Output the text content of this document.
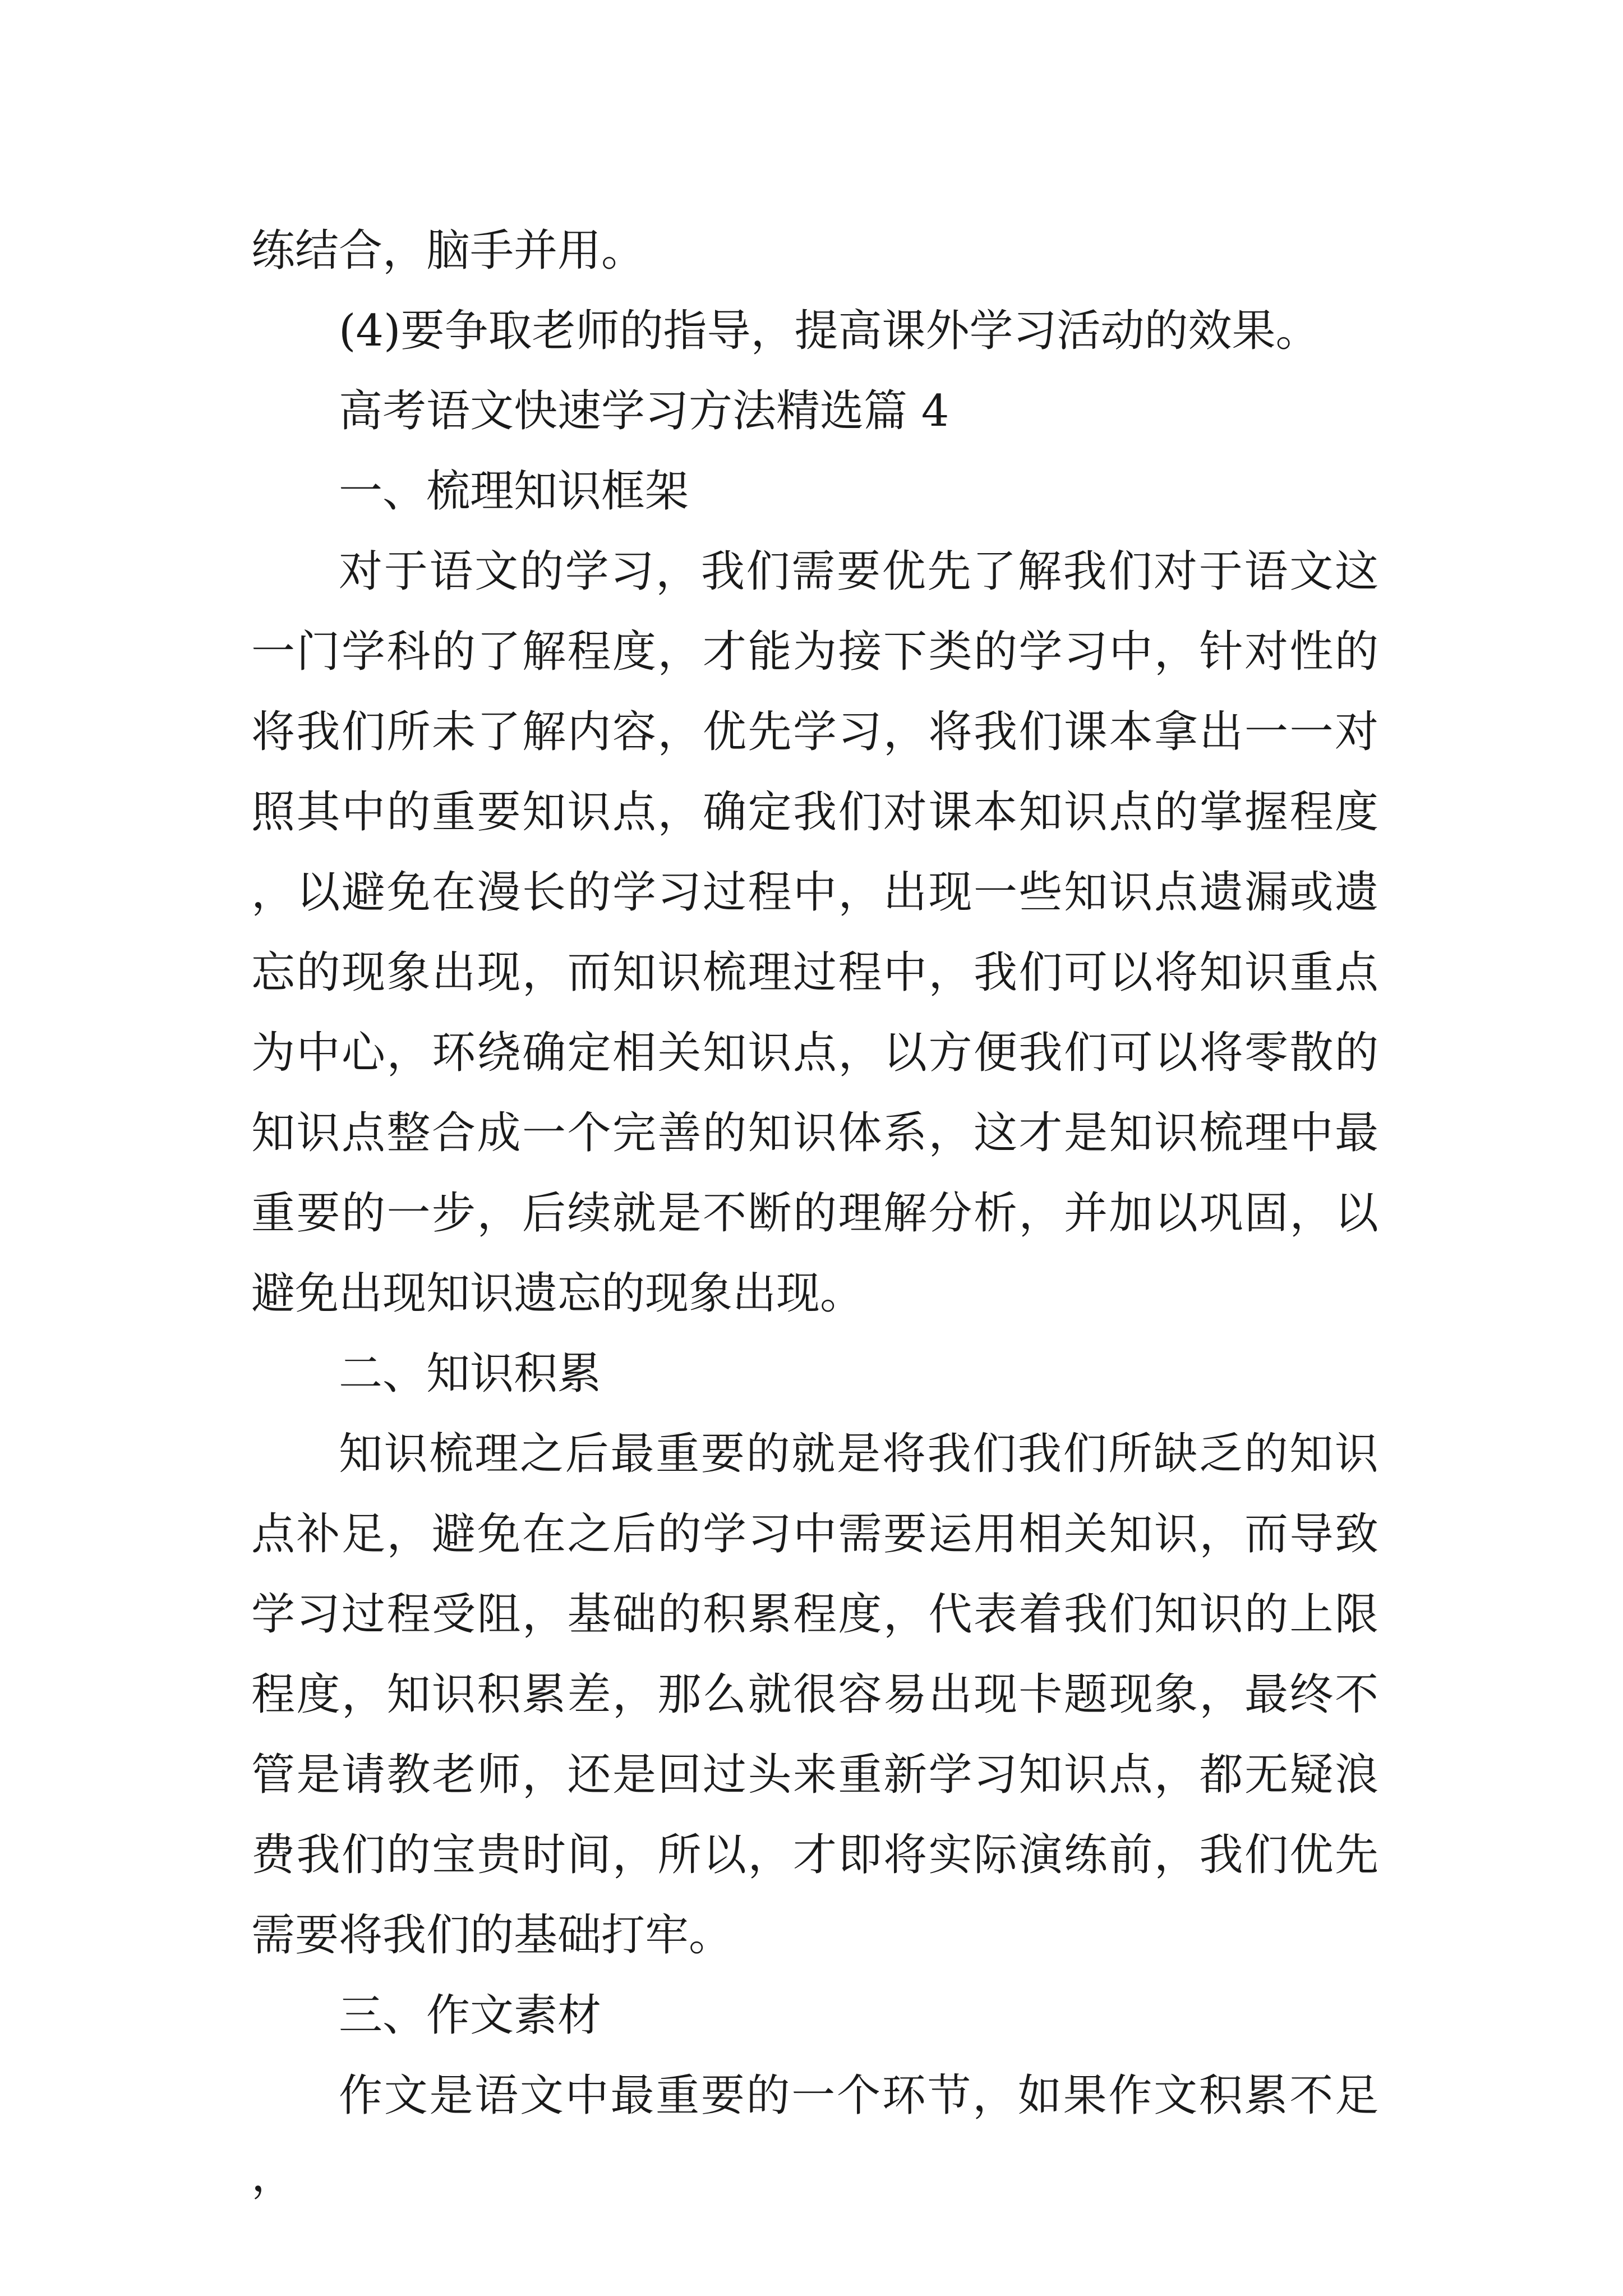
练结合，脑手并用。

(4)要争取老师的指导，提高课外学习活动的效果。

高考语文快速学习方法精选篇 4

一、梳理知识框架

对于语文的学习，我们需要优先了解我们对于语文这一门学科的了解程度，才能为接下类的学习中，针对性的将我们所未了解内容，优先学习，将我们课本拿出一一对照其中的重要知识点，确定我们对课本知识点的掌握程度，以避免在漫长的学习过程中，出现一些知识点遗漏或遗忘的现象出现，而知识梳理过程中，我们可以将知识重点为中心，环绕确定相关知识点，以方便我们可以将零散的知识点整合成一个完善的知识体系，这才是知识梳理中最重要的一步，后续就是不断的理解分析，并加以巩固，以避免出现知识遗忘的现象出现。

二、知识积累

知识梳理之后最重要的就是将我们我们所缺乏的知识点补足，避免在之后的学习中需要运用相关知识，而导致学习过程受阻，基础的积累程度，代表着我们知识的上限程度，知识积累差，那么就很容易出现卡题现象，最终不管是请教老师，还是回过头来重新学习知识点，都无疑浪费我们的宝贵时间，所以，才即将实际演练前，我们优先需要将我们的基础打牢。

三、作文素材

作文是语文中最重要的一个环节，如果作文积累不足，
